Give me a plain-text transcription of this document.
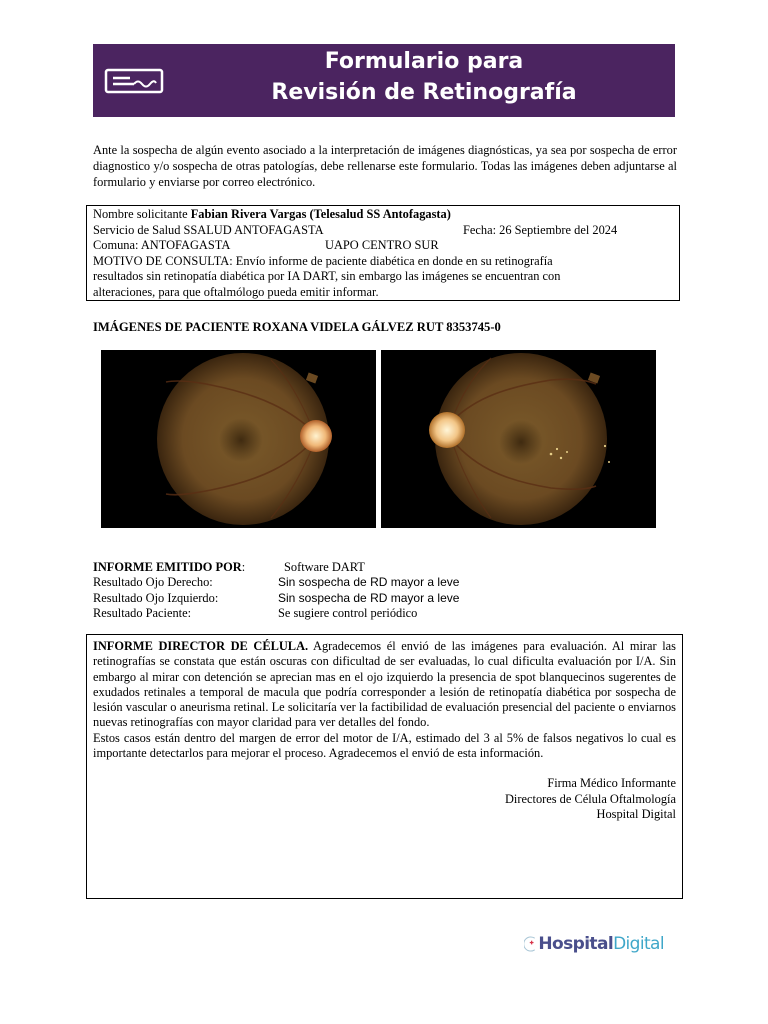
Formulario para
Revisión de Retinografía
Ante la sospecha de algún evento asociado a la interpretación de imágenes diagnósticas, ya sea por sospecha de error diagnostico y/o sospecha de otras patologías, debe rellenarse este formulario. Todas las imágenes deben adjuntarse al formulario y enviarse por correo electrónico.
Nombre solicitante Fabian Rivera Vargas (Telesalud SS Antofagasta)
Servicio de Salud SSALUD ANTOFAGASTA	Fecha: 26 Septiembre del 2024
Comuna: ANTOFAGASTA	UAPO CENTRO SUR
MOTIVO DE CONSULTA: Envío informe de paciente diabética en donde en su retinografía
resultados sin retinopatía diabética por IA DART, sin embargo las imágenes se encuentran con
alteraciones, para que oftalmólogo pueda emitir informar.
IMÁGENES DE PACIENTE ROXANA VIDELA GÁLVEZ RUT 8353745-0
INFORME EMITIDO POR:	Software DART
Resultado Ojo Derecho:	Sin sospecha de RD mayor a leve
Resultado Ojo Izquierdo:	Sin sospecha de RD mayor a leve
Resultado Paciente:	Se sugiere control periódico
INFORME DIRECTOR DE CÉLULA. Agradecemos él envió de las imágenes para evaluación. Al mirar las retinografías se constata que están oscuras con dificultad de ser evaluadas, lo cual dificulta evaluación por I/A. Sin embargo al mirar con detención se aprecian mas en el ojo izquierdo la presencia de spot blanquecinos sugerentes de exudados retinales a temporal de macula que podría corresponder a lesión de retinopatía diabética por sospecha de lesión vascular o aneurisma retinal. Le solicitaría ver la factibilidad de evaluación presencial del paciente o enviarnos nuevas retinografías con mayor claridad para ver detalles del fondo.
Estos casos están dentro del margen de error del motor de I/A, estimado del 3 al 5% de falsos negativos lo cual es importante detectarlos para mejorar el proceso. Agradecemos el envió de esta información.
Firma Médico Informante
Directores de Célula Oftalmología
Hospital Digital
HospitalDigital
